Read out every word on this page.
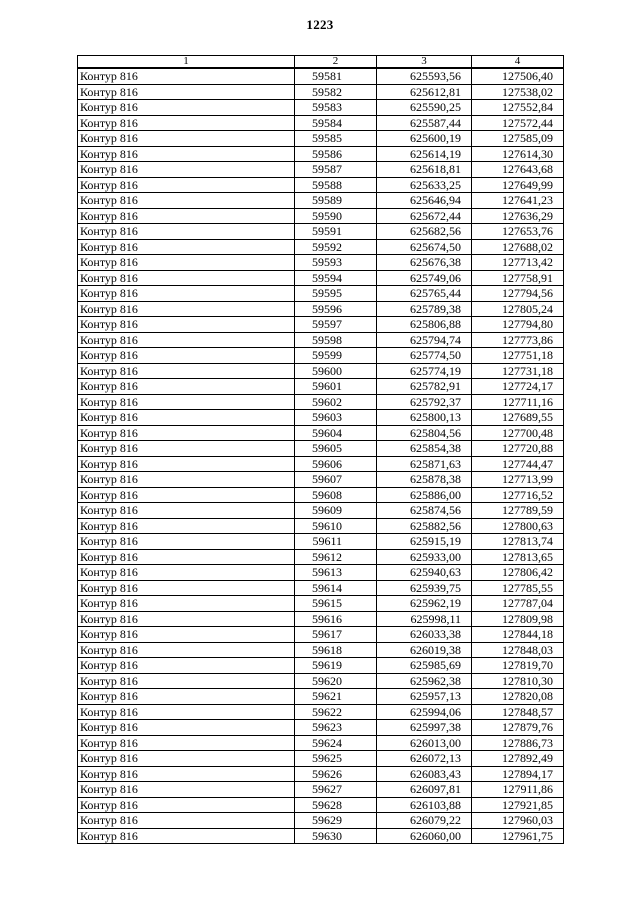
1223
1	2	3	4
Контур 816	59581	625593,56	127506,40
Контур 816	59582	625612,81	127538,02
Контур 816	59583	625590,25	127552,84
Контур 816	59584	625587,44	127572,44
Контур 816	59585	625600,19	127585,09
Контур 816	59586	625614,19	127614,30
Контур 816	59587	625618,81	127643,68
Контур 816	59588	625633,25	127649,99
Контур 816	59589	625646,94	127641,23
Контур 816	59590	625672,44	127636,29
Контур 816	59591	625682,56	127653,76
Контур 816	59592	625674,50	127688,02
Контур 816	59593	625676,38	127713,42
Контур 816	59594	625749,06	127758,91
Контур 816	59595	625765,44	127794,56
Контур 816	59596	625789,38	127805,24
Контур 816	59597	625806,88	127794,80
Контур 816	59598	625794,74	127773,86
Контур 816	59599	625774,50	127751,18
Контур 816	59600	625774,19	127731,18
Контур 816	59601	625782,91	127724,17
Контур 816	59602	625792,37	127711,16
Контур 816	59603	625800,13	127689,55
Контур 816	59604	625804,56	127700,48
Контур 816	59605	625854,38	127720,88
Контур 816	59606	625871,63	127744,47
Контур 816	59607	625878,38	127713,99
Контур 816	59608	625886,00	127716,52
Контур 816	59609	625874,56	127789,59
Контур 816	59610	625882,56	127800,63
Контур 816	59611	625915,19	127813,74
Контур 816	59612	625933,00	127813,65
Контур 816	59613	625940,63	127806,42
Контур 816	59614	625939,75	127785,55
Контур 816	59615	625962,19	127787,04
Контур 816	59616	625998,11	127809,98
Контур 816	59617	626033,38	127844,18
Контур 816	59618	626019,38	127848,03
Контур 816	59619	625985,69	127819,70
Контур 816	59620	625962,38	127810,30
Контур 816	59621	625957,13	127820,08
Контур 816	59622	625994,06	127848,57
Контур 816	59623	625997,38	127879,76
Контур 816	59624	626013,00	127886,73
Контур 816	59625	626072,13	127892,49
Контур 816	59626	626083,43	127894,17
Контур 816	59627	626097,81	127911,86
Контур 816	59628	626103,88	127921,85
Контур 816	59629	626079,22	127960,03
Контур 816	59630	626060,00	127961,75
